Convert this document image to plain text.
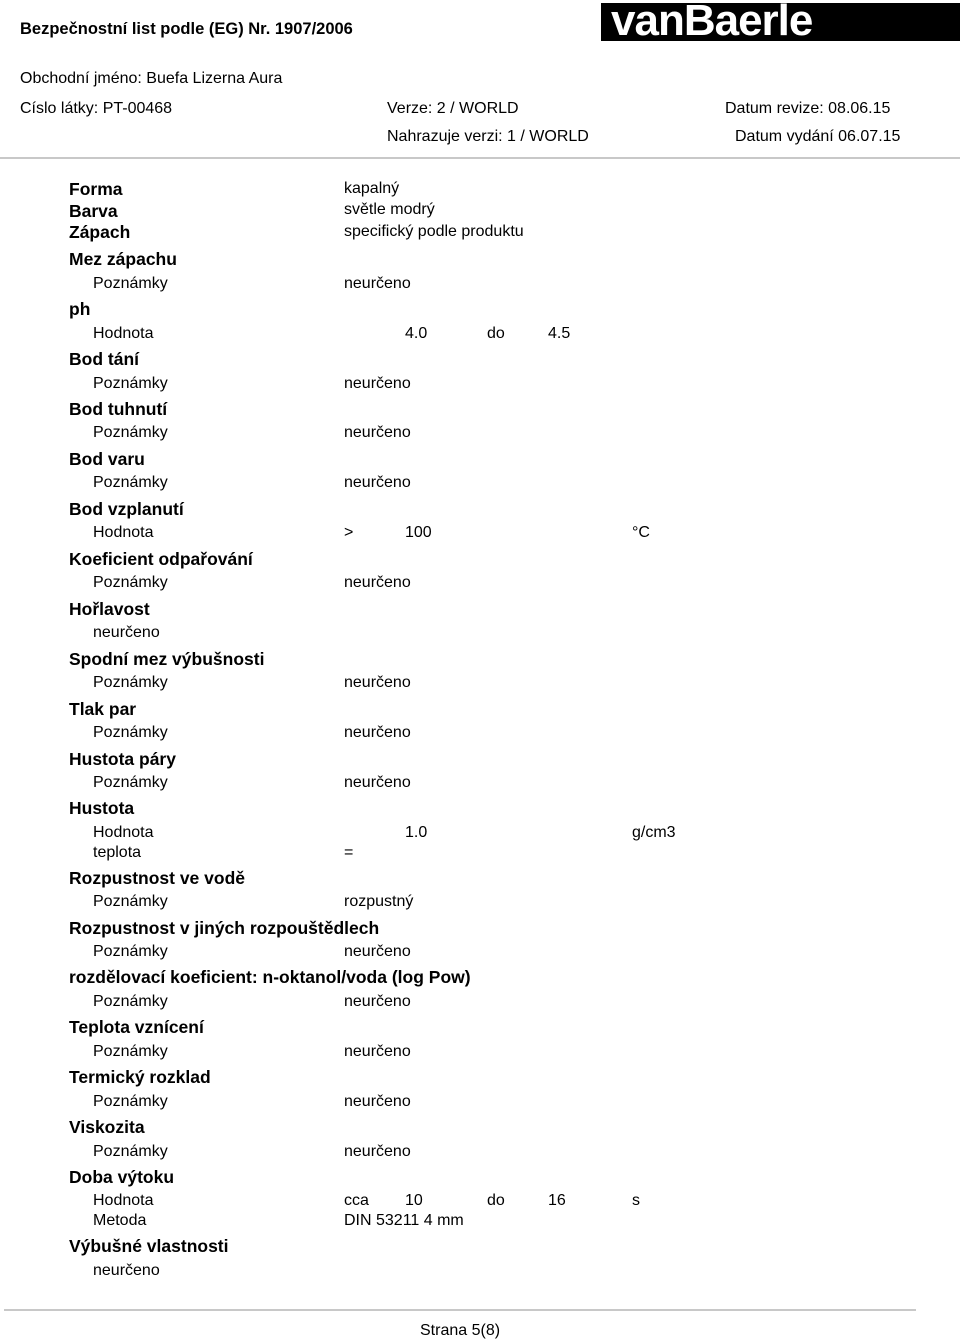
Bezpečnostní list podle (EG) Nr. 1907/2006	vanBaerle
Obchodní jméno: Buefa Lizerna Aura
Císlo látky: PT-00468	Verze: 2 / WORLD	Datum revize: 08.06.15
Nahrazuje verzi: 1 / WORLD	Datum vydání 06.07.15
Forma	kapalný
Barva	světle modrý
Zápach	specifický podle produktu
Mez zápachu
Poznámky	neurčeno
ph
Hodnota	4.0	do	4.5
Bod tání
Poznámky	neurčeno
Bod tuhnutí
Poznámky	neurčeno
Bod varu
Poznámky	neurčeno
Bod vzplanutí
Hodnota	>	100	°C
Koeficient odpařování
Poznámky	neurčeno
Hořlavost
neurčeno
Spodní mez výbušnosti
Poznámky	neurčeno
Tlak par
Poznámky	neurčeno
Hustota páry
Poznámky	neurčeno
Hustota
Hodnota	1.0	g/cm3
teplota	=
Rozpustnost ve vodě
Poznámky	rozpustný
Rozpustnost v jiných rozpouštědlech
Poznámky	neurčeno
rozdělovací koeficient: n-oktanol/voda (log Pow)
Poznámky	neurčeno
Teplota vznícení
Poznámky	neurčeno
Termický rozklad
Poznámky	neurčeno
Viskozita
Poznámky	neurčeno
Doba výtoku
Hodnota	cca 10	do	16	s
Metoda	DIN 53211 4 mm
Výbušné vlastnosti
neurčeno
Strana 5(8)
